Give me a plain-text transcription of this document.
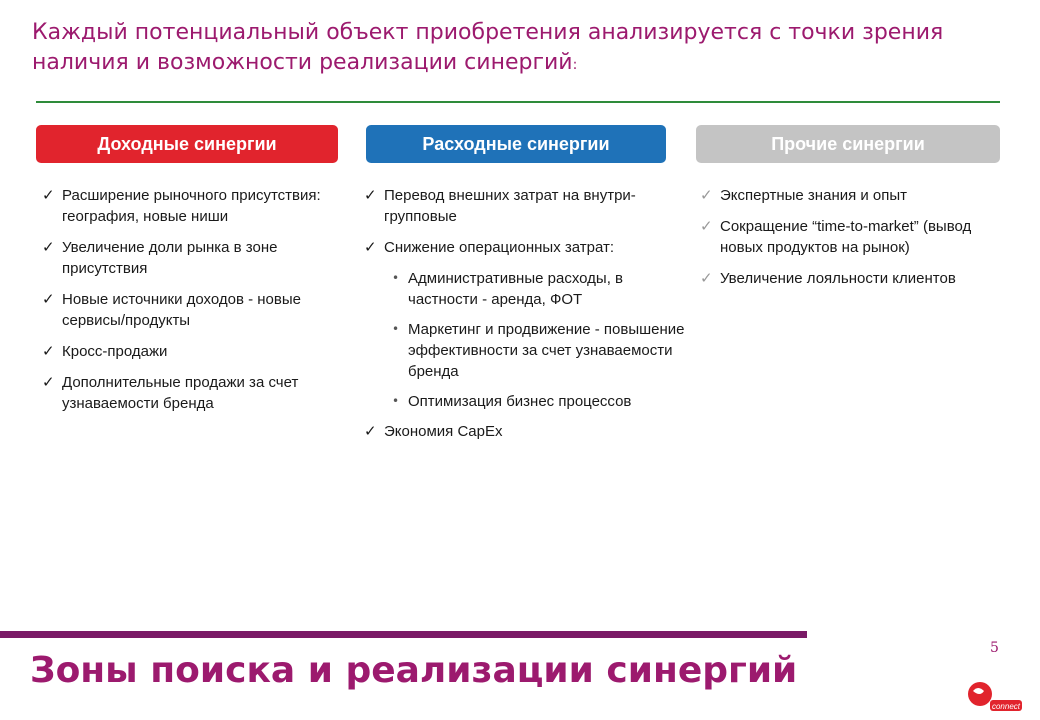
Каждый потенциальный объект приобретения анализируется с точки зрения наличия и возможности реализации синергий:
Доходные синергии	Расходные синергии	Прочие синергии
✓ Расширение рыночного присутствия: география, новые ниши
✓ Увеличение доли рынка в зоне присутствия
✓ Новые источники доходов - новые сервисы/продукты
✓ Кросс-продажи
✓ Дополнительные продажи за счет узнаваемости бренда
✓ Перевод внешних затрат на внутри-групповые
✓ Снижение операционных затрат:
• Административные расходы, в частности - аренда, ФОТ
• Маркетинг и продвижение - повышение эффективности за счет узнаваемости бренда
• Оптимизация бизнес процессов
✓ Экономия CapEx
✓ Экспертные знания и опыт
✓ Сокращение “time-to-market” (вывод новых продуктов на рынок)
✓ Увеличение лояльности клиентов
5
Зоны поиска и реализации синергий
connect
